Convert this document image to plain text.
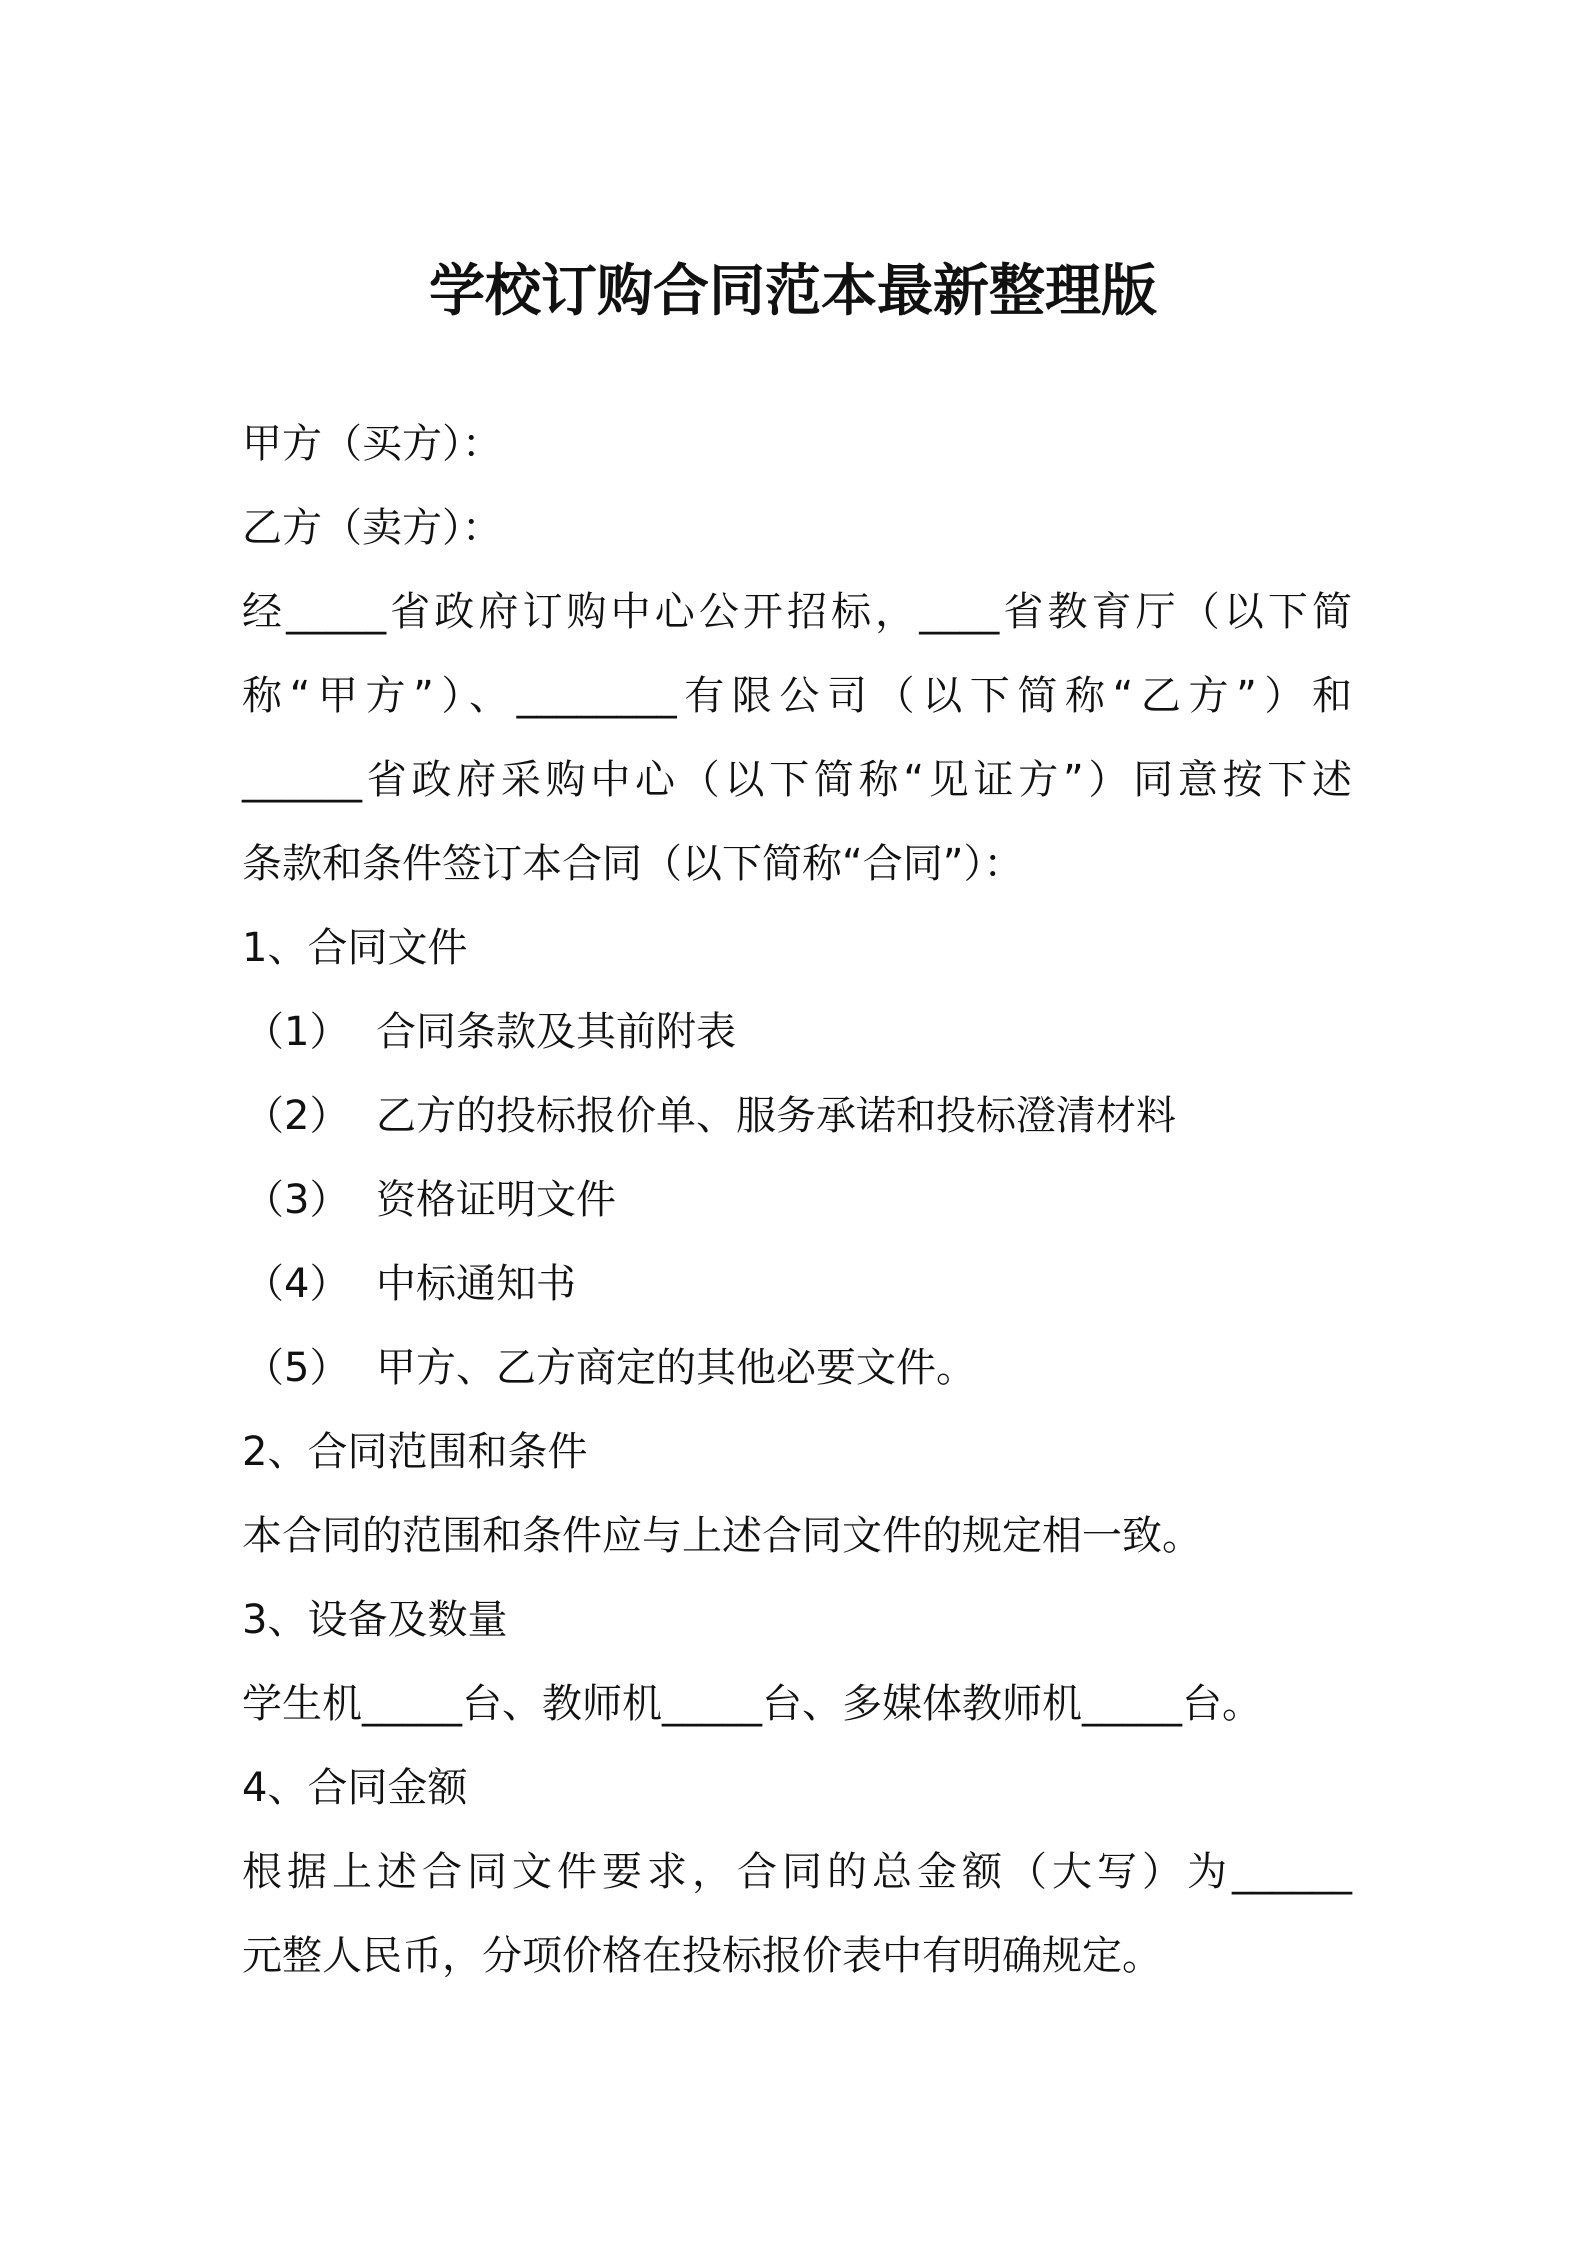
学校订购合同范本最新整理版
甲方（买方）：
乙方（卖方）：
经_____省政府订购中心公开招标，____省教育厅（以下简
称“甲方”）、________有限公司（以下简称“乙方”）和
______省政府采购中心（以下简称“见证方”）同意按下述
条款和条件签订本合同（以下简称“合同”）：
1、合同文件
（1） 合同条款及其前附表
（2） 乙方的投标报价单、服务承诺和投标澄清材料
（3） 资格证明文件
（4） 中标通知书
（5） 甲方、乙方商定的其他必要文件。
2、合同范围和条件
本合同的范围和条件应与上述合同文件的规定相一致。
3、设备及数量
学生机_____台、教师机_____台、多媒体教师机_____台。
4、合同金额
根据上述合同文件要求，合同的总金额（大写）为______
元整人民币，分项价格在投标报价表中有明确规定。
